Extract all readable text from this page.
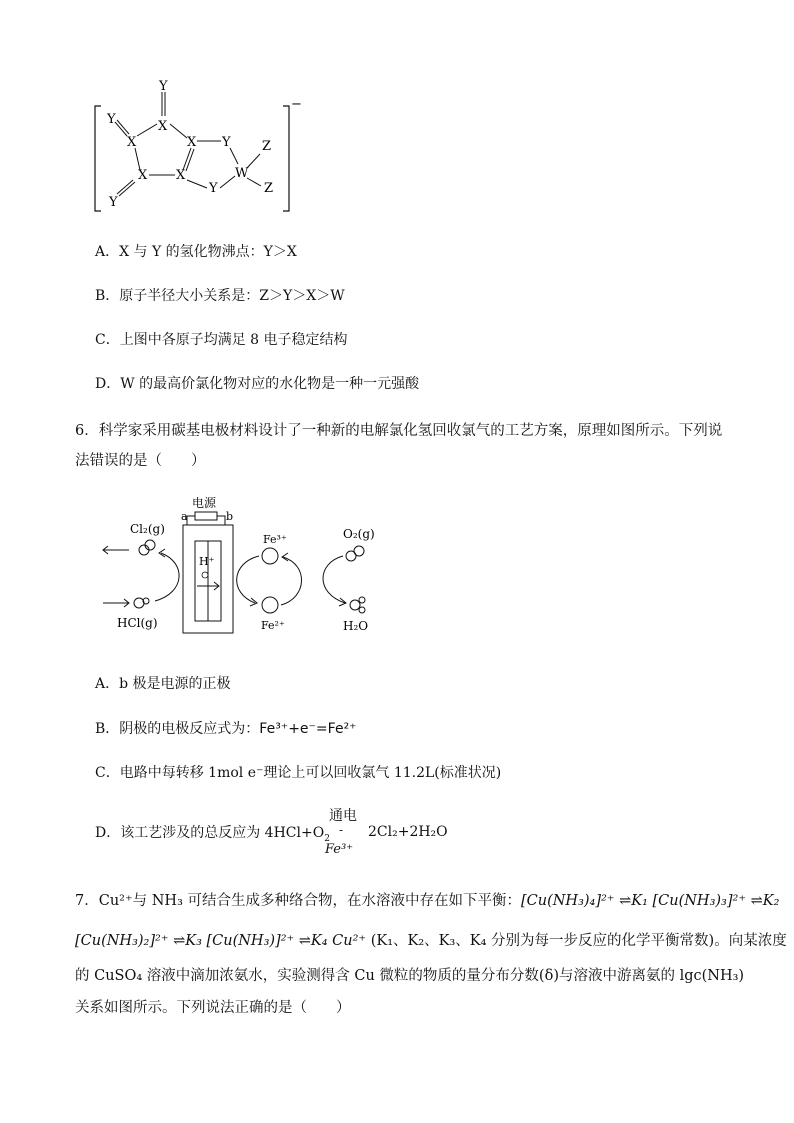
−
Y
X
Y
X	X Y
X X	W
Z
Z
Y
Y
A．X 与 Y 的氢化物沸点：Y＞X
B．原子半径大小关系是：Z＞Y＞X＞W
C．上图中各原子均满足 8 电子稳定结构
D．W 的最高价氯化物对应的水化物是一种一元强酸
6．科学家采用碳基电极材料设计了一种新的电解氯化氢回收氯气的工艺方案，原理如图所示。下列说
法错误的是（　　）
电源
a	b
H⁺
Cl₂(g)
HCl(g)
Fe³⁺
Fe²⁺
O₂(g)
H₂O
A．b 极是电源的正极
B．阴极的电极反应式为：Fe³⁺+e⁻=Fe²⁺
C．电路中每转移 1mol e⁻理论上可以回收氯气 11.2L(标准状况)
D．该工艺涉及的总反应为 $4HCl+O_2$
通电
-
Fe³⁺
2Cl₂+2H₂O
7．Cu²⁺与 NH₃ 可结合生成多种络合物，在水溶液中存在如下平衡：[Cu(NH₃)₄]²⁺ ⇌K₁ [Cu(NH₃)₃]²⁺ ⇌K₂
[Cu(NH₃)₂]²⁺ ⇌K₃ [Cu(NH₃)]²⁺ ⇌K₄ Cu²⁺ (K₁、K₂、K₃、K₄ 分别为每一步反应的化学平衡常数)。向某浓度
的 CuSO₄ 溶液中滴加浓氨水，实验测得含 Cu 微粒的物质的量分布分数(δ)与溶液中游离氨的 lgc(NH₃)
关系如图所示。下列说法正确的是（　　）
